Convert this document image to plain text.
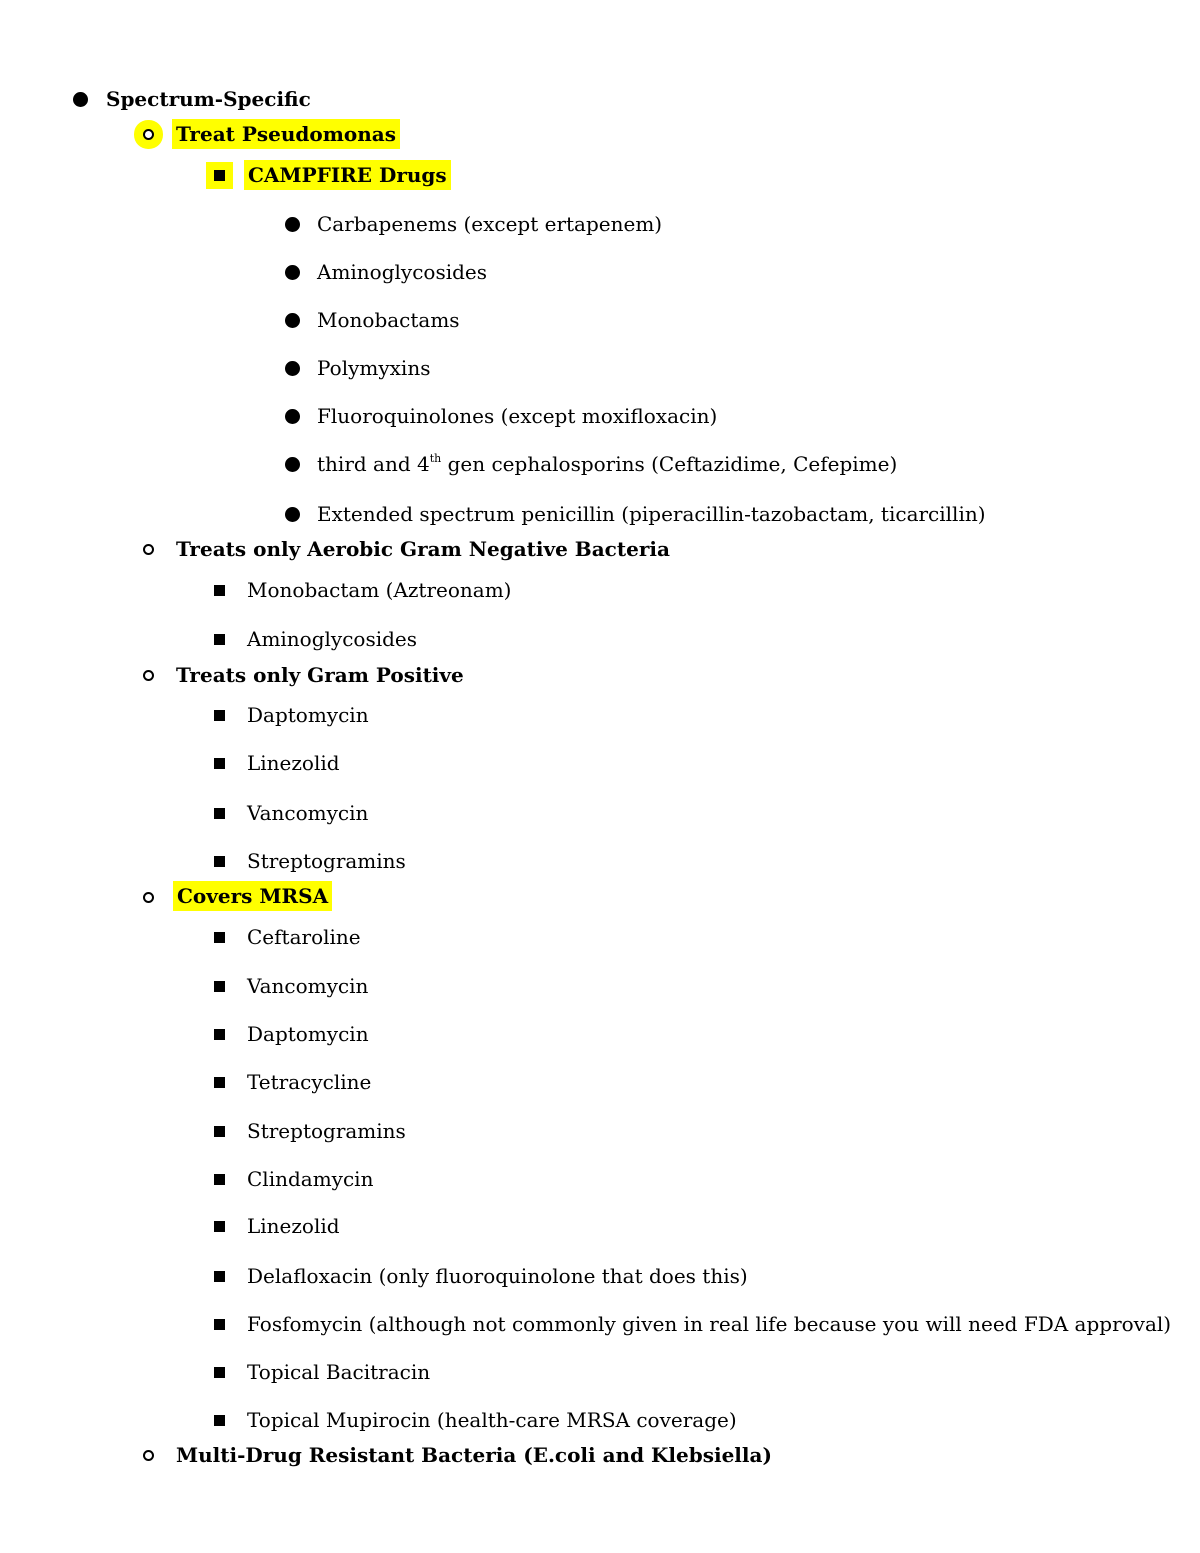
Spectrum-Specific
Treat Pseudomonas
CAMPFIRE Drugs
Carbapenems (except ertapenem)
Aminoglycosides
Monobactams
Polymyxins
Fluoroquinolones (except moxifloxacin)
third and 4th gen cephalosporins (Ceftazidime, Cefepime)
Extended spectrum penicillin (piperacillin-tazobactam, ticarcillin)
Treats only Aerobic Gram Negative Bacteria
Monobactam (Aztreonam)
Aminoglycosides
Treats only Gram Positive
Daptomycin
Linezolid
Vancomycin
Streptogramins
Covers MRSA
Ceftaroline
Vancomycin
Daptomycin
Tetracycline
Streptogramins
Clindamycin
Linezolid
Delafloxacin (only fluoroquinolone that does this)
Fosfomycin (although not commonly given in real life because you will need FDA approval)
Topical Bacitracin
Topical Mupirocin (health-care MRSA coverage)
Multi-Drug Resistant Bacteria (E.coli and Klebsiella)
